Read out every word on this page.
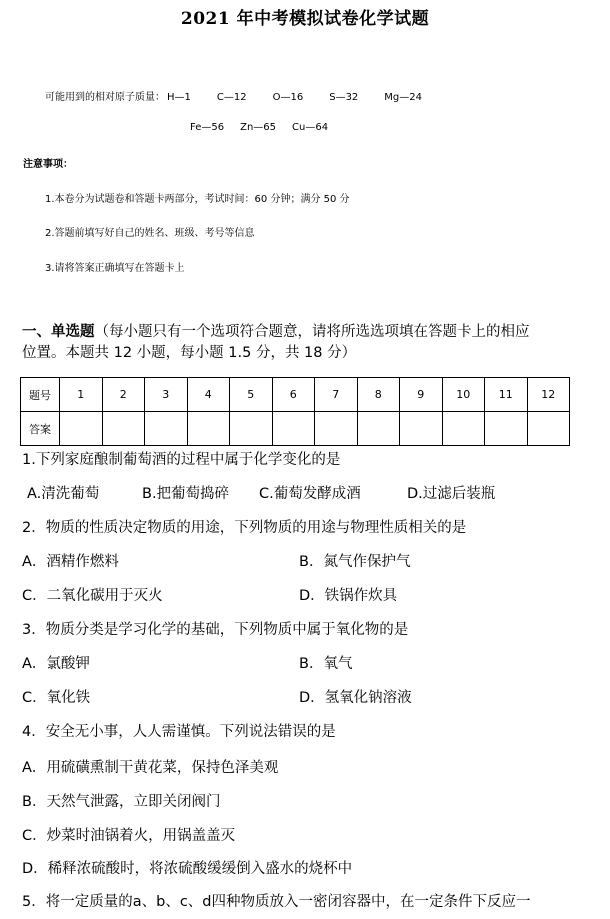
2021 年中考模拟试卷化学试题
可能用到的相对原子质量： H—1	C—12	O—16	S—32	Mg—24
Fe—56 Zn—65 Cu—64
注意事项：
1.本卷分为试题卷和答题卡两部分，考试时间：60 分钟；满分 50 分
2.答题前填写好自己的姓名、班级、考号等信息
3.请将答案正确填写在答题卡上
一、单选题（每小题只有一个选项符合题意，请将所选选项填在答题卡上的相应
位置。本题共 12 小题，每小题 1.5 分，共 18 分）
题号	1	2	3	4	5	6	7	8	9	10	11	12
答案												
1.下列家庭酿制葡萄酒的过程中属于化学变化的是
A.清洗葡萄	B.把葡萄捣碎 C.葡萄发酵成酒	D.过滤后装瓶
2．物质的性质决定物质的用途，下列物质的用途与物理性质相关的是
A．酒精作燃料	B．氮气作保护气
C．二氧化碳用于灭火	D．铁锅作炊具
3．物质分类是学习化学的基础，下列物质中属于氧化物的是
A．氯酸钾	B．氧气
C．氧化铁	D．氢氧化钠溶液
4．安全无小事，人人需谨慎。下列说法错误的是
A．用硫磺熏制干黄花菜，保持色泽美观
B．天然气泄露，立即关闭阀门
C．炒菜时油锅着火，用锅盖盖灭
D．稀释浓硫酸时，将浓硫酸缓缓倒入盛水的烧杯中
5．将一定质量的a、b、c、d四种物质放入一密闭容器中，在一定条件下反应一
